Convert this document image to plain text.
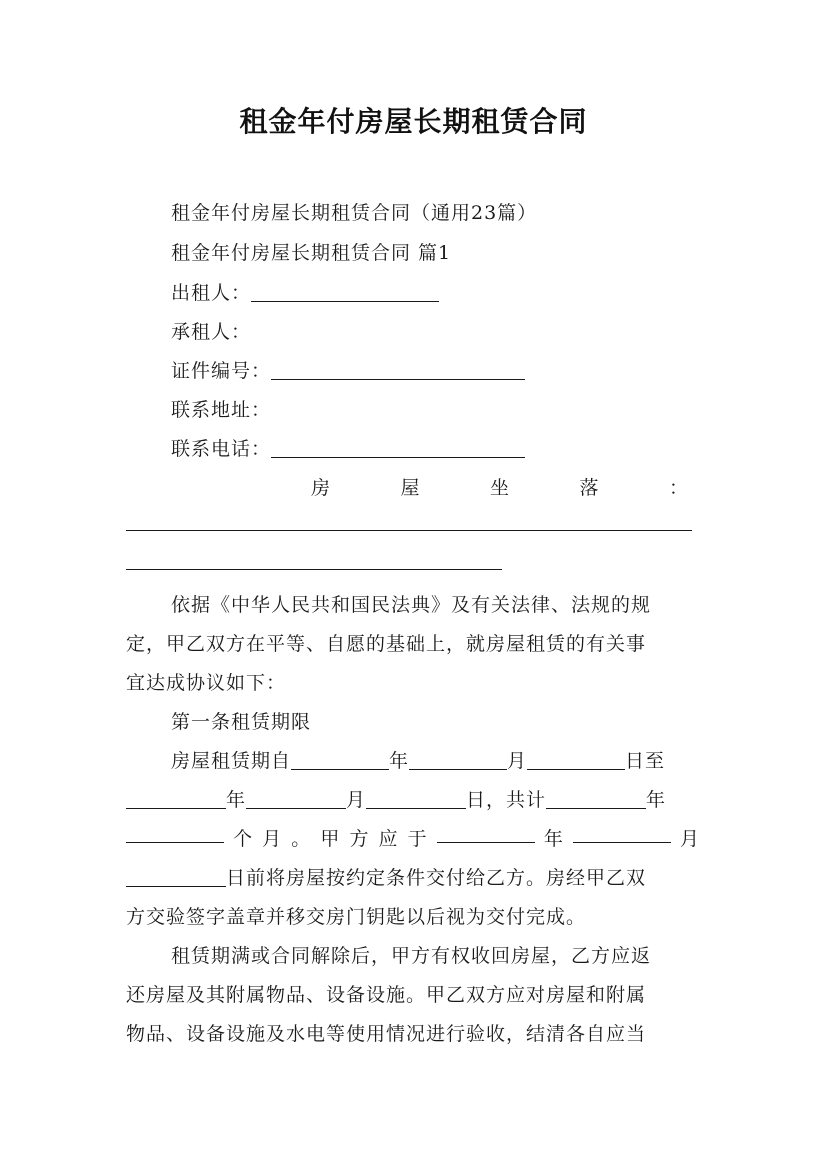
租金年付房屋长期租赁合同
租金年付房屋长期租赁合同（通用23篇）
租金年付房屋长期租赁合同 篇1
出租人：
承租人：
证件编号：
联系地址：
联系电话：
房	屋	坐	落	：
依据《中华人民共和国民法典》及有关法律、法规的规
定，甲乙双方在平等、自愿的基础上，就房屋租赁的有关事
宜达成协议如下：
第一条租赁期限
房屋租赁期自	年	月	日至
年	月	日，共计	年
个 月 。 甲 方 应 于	年	月
日前将房屋按约定条件交付给乙方。房经甲乙双
方交验签字盖章并移交房门钥匙以后视为交付完成。
租赁期满或合同解除后，甲方有权收回房屋，乙方应返
还房屋及其附属物品、设备设施。甲乙双方应对房屋和附属
物品、设备设施及水电等使用情况进行验收，结清各自应当
